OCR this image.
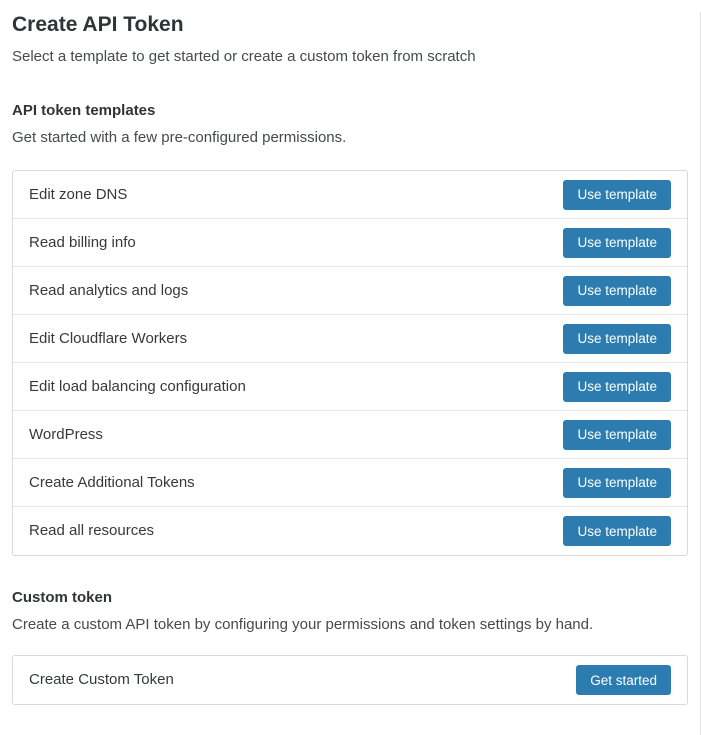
Create API Token

Select a template to get started or create a custom token from scratch

API token templates
Get started with a few pre-configured permissions.
Edit zone DNS	Use template
Read billing info	Use template
Read analytics and logs	Use template
Edit Cloudflare Workers	Use template
Edit load balancing configuration	Use template
WordPress	Use template
Create Additional Tokens	Use template
Read all resources	Use template
Custom token
Create a custom API token by configuring your permissions and token settings by hand.
Create Custom Token	Get started
